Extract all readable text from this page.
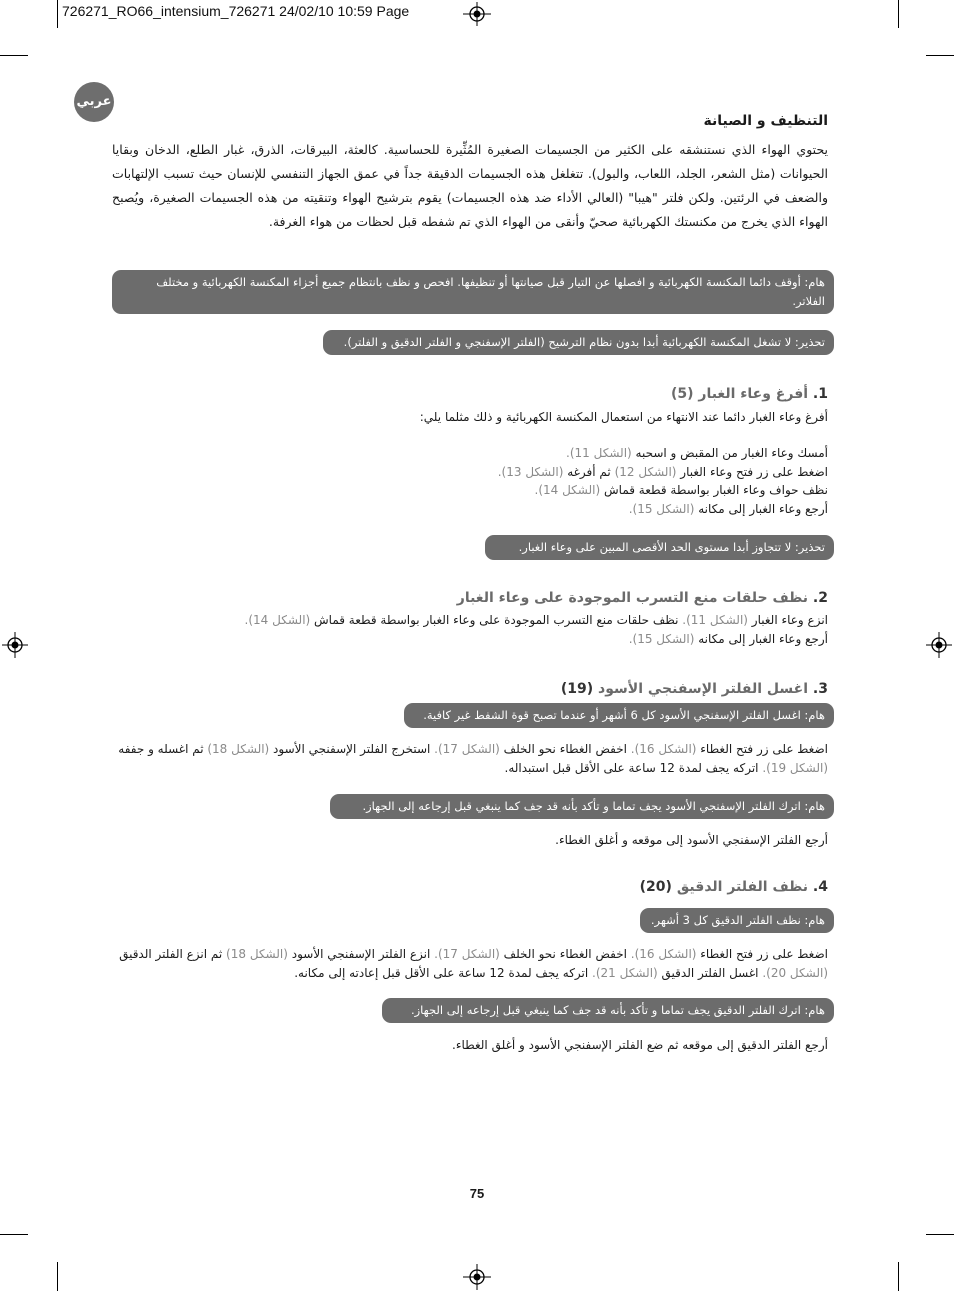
726271_RO66_intensium_726271 24/02/10 10:59 Page
عربي
التنظيف و الصيانة
يحتوي الهواء الذي نستنشقه على الكثير من الجسيمات الصغيرة المُثِّيرة للحساسية. كالعثة، البيرقات، الذرق، غبار الطلع، الدخان وبقايا الحيوانات (مثل الشعر، الجلد، اللعاب، والبول). تتغلغل هذه الجسيمات الدقيقة جداً في عمق الجهاز التنفسي للإنسان حيث تسبب الإلتهابات والضعف في الرئتين. ولكن فلتر "هيبا" (العالي الأداء ضد هذه الجسيمات) يقوم بترشيح الهواء وتنقيته من هذه الجسيمات الصغيرة، ويُصبح الهواء الذي يخرج من مكنستك الكهربائية صحيّ وأنقى من الهواء الذي تم شفطه قبل لحظات من هواء الغرفة.
هام: أوقف دائما المكنسة الكهربائية و افصلها عن التيار قبل صيانتها أو تنظيفها. افحص و نظف بانتظام جميع أجزاء المكنسة الكهربائية و مختلف الفلاتر.
تحذير: لا تشغل المكنسة الكهربائية أبدا بدون نظام الترشيح (الفلتر الإسفنجي و الفلتر الدقيق و الفلتر).
1. أفرغ وعاء الغبار (5)
أفرغ وعاء الغبار دائما عند الانتهاء من استعمال المكنسة الكهربائية و ذلك مثلما يلي:
أمسك وعاء الغبار من المقبض و اسحبه (الشكل 11).
اضغط على زر فتح وعاء الغبار (الشكل 12) ثم أفرغه (الشكل 13).
نظف حواف وعاء الغبار بواسطة قطعة قماش (الشكل 14).
أرجع وعاء الغبار إلى مكانه (الشكل 15).
تحذير: لا تتجاوز أبدا مستوى الحد الأقصى المبين على وعاء الغبار.
2. نظف حلقات منع التسرب الموجودة على وعاء الغبار
انزع وعاء الغبار (الشكل 11). نظف حلقات منع التسرب الموجودة على وعاء الغبار بواسطة قطعة قماش (الشكل 14).
أرجع وعاء الغبار إلى مكانه (الشكل 15).
3. اغسل الفلتر الإسفنجي الأسود (19)
هام: اغسل الفلتر الإسفنجي الأسود كل 6 أشهر أو عندما تصبح قوة الشفط غير كافية.
اضغط على زر فتح الغطاء (الشكل 16). اخفض الغطاء نحو الخلف (الشكل 17). استخرج الفلتر الإسفنجي الأسود (الشكل 18) ثم اغسله و جففه
(الشكل 19). اتركه يجف لمدة 12 ساعة على الأقل قبل استبداله.
هام: اترك الفلتر الإسفنجي الأسود يجف تماما و تأكد بأنه قد جف كما ينبغي قبل إرجاعه إلى الجهاز.
أرجع الفلتر الإسفنجي الأسود إلى موقعه و أغلق الغطاء.
4. نظف الفلتر الدقيق (20)
هام: نظف الفلتر الدقيق كل 3 أشهر.
اضغط على زر فتح الغطاء (الشكل 16). اخفض الغطاء نحو الخلف (الشكل 17). انزع الفلتر الإسفنجي الأسود (الشكل 18) ثم انزع الفلتر الدقيق
(الشكل 20). اغسل الفلتر الدقيق (الشكل 21). اتركه يجف لمدة 12 ساعة على الأقل قبل إعادته إلى مكانه.
هام: اترك الفلتر الدقيق يجف تماما و تأكد بأنه قد جف كما ينبغي قبل إرجاعه إلى الجهاز.
أرجع الفلتر الدقيق إلى موقعه ثم ضع الفلتر الإسفنجي الأسود و أغلق الغطاء.
75
